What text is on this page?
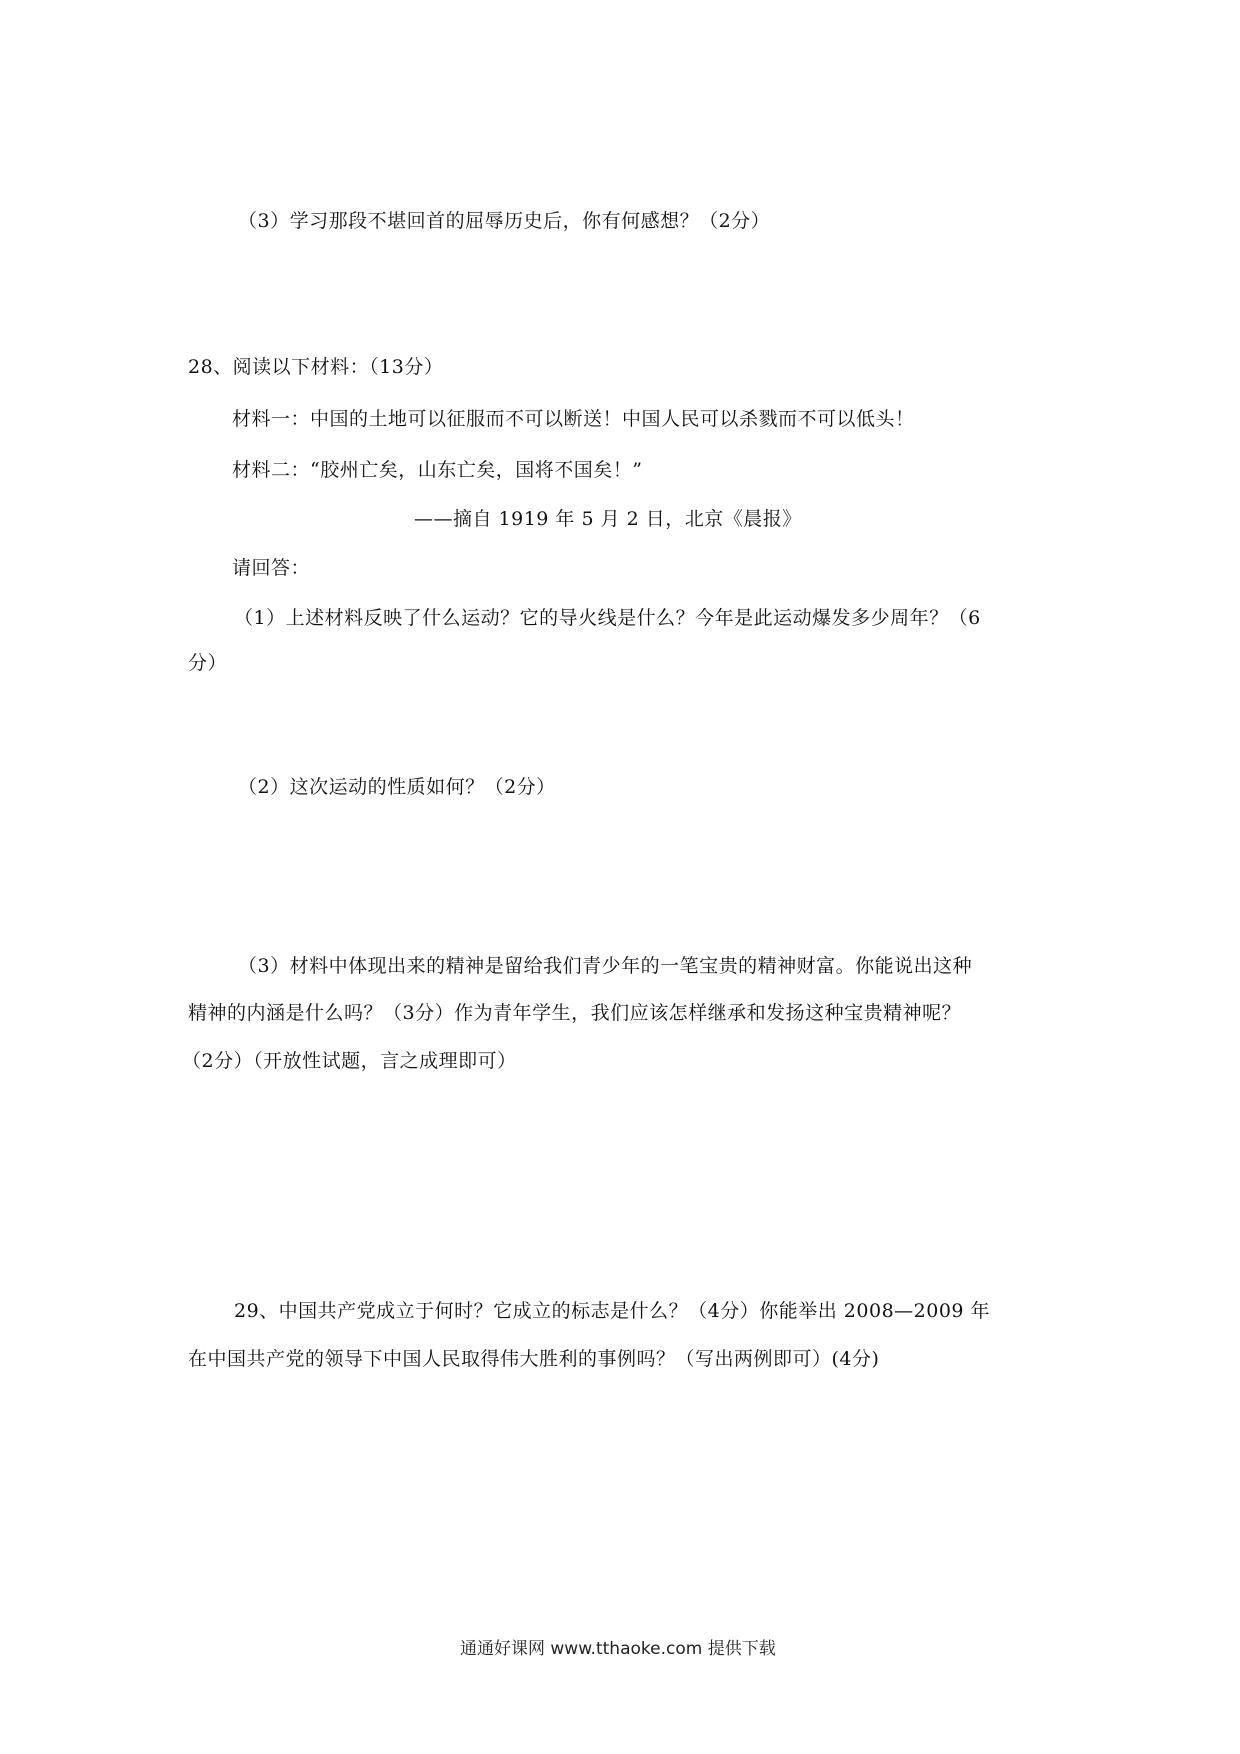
（3）学习那段不堪回首的屈辱历史后，你有何感想？（2分）
28、阅读以下材料：（13分）
材料一：中国的土地可以征服而不可以断送！中国人民可以杀戮而不可以低头！
材料二：“胶州亡矣，山东亡矣，国将不国矣！”
——摘自 1919 年 5 月 2 日，北京《晨报》
请回答：
（1）上述材料反映了什么运动？它的导火线是什么？今年是此运动爆发多少周年？（6
分）
（2）这次运动的性质如何？（2分）
（3）材料中体现出来的精神是留给我们青少年的一笔宝贵的精神财富。你能说出这种
精神的内涵是什么吗？（3分）作为青年学生，我们应该怎样继承和发扬这种宝贵精神呢？
（2分）（开放性试题，言之成理即可）
29、中国共产党成立于何时？它成立的标志是什么？（4分）你能举出 2008—2009 年
在中国共产党的领导下中国人民取得伟大胜利的事例吗？（写出两例即可）(4分)
通通好课网 www.tthaoke.com 提供下载
